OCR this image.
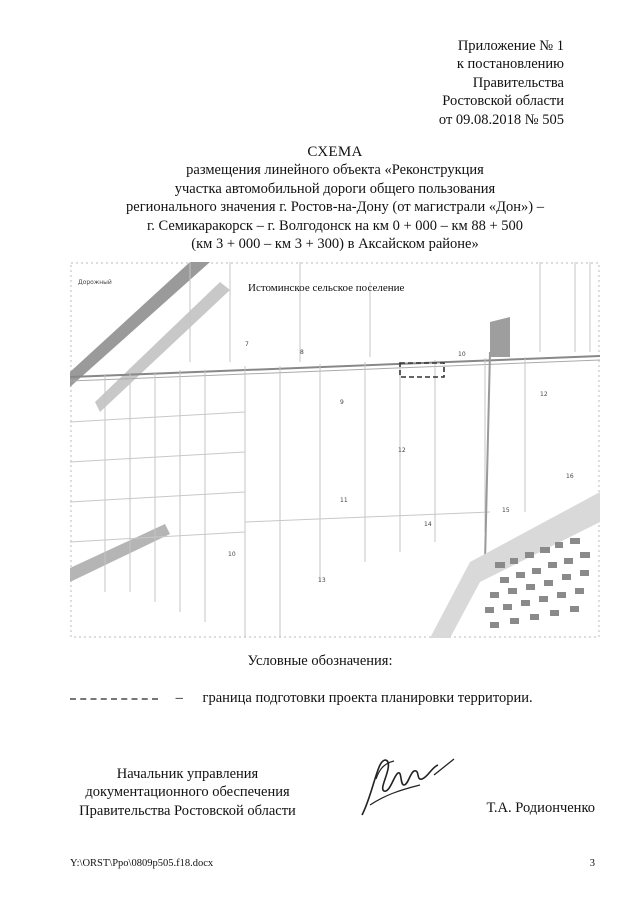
Приложение № 1
к постановлению
Правительства
Ростовской области
от 09.08.2018 № 505
СХЕМА
размещения линейного объекта «Реконструкция
участка автомобильной дороги общего пользования
регионального значения г. Ростов-на-Дону (от магистрали «Дон») –
г. Семикаракорск – г. Волгодонск на км 0 + 000 – км 88 + 500
(км 3 + 000 – км 3 + 300) в Аксайском районе»
Дорожный
7
8
9
10
11
12
12
13
14
15
16
10
Истоминское сельское поселение
Условные обозначения:
– граница подготовки проекта планировки территории.
Начальник управления
документационного обеспечения
Правительства Ростовской области	Т.А. Родионченко
Y:\ORST\Ppo\0809p505.f18.docx	3
